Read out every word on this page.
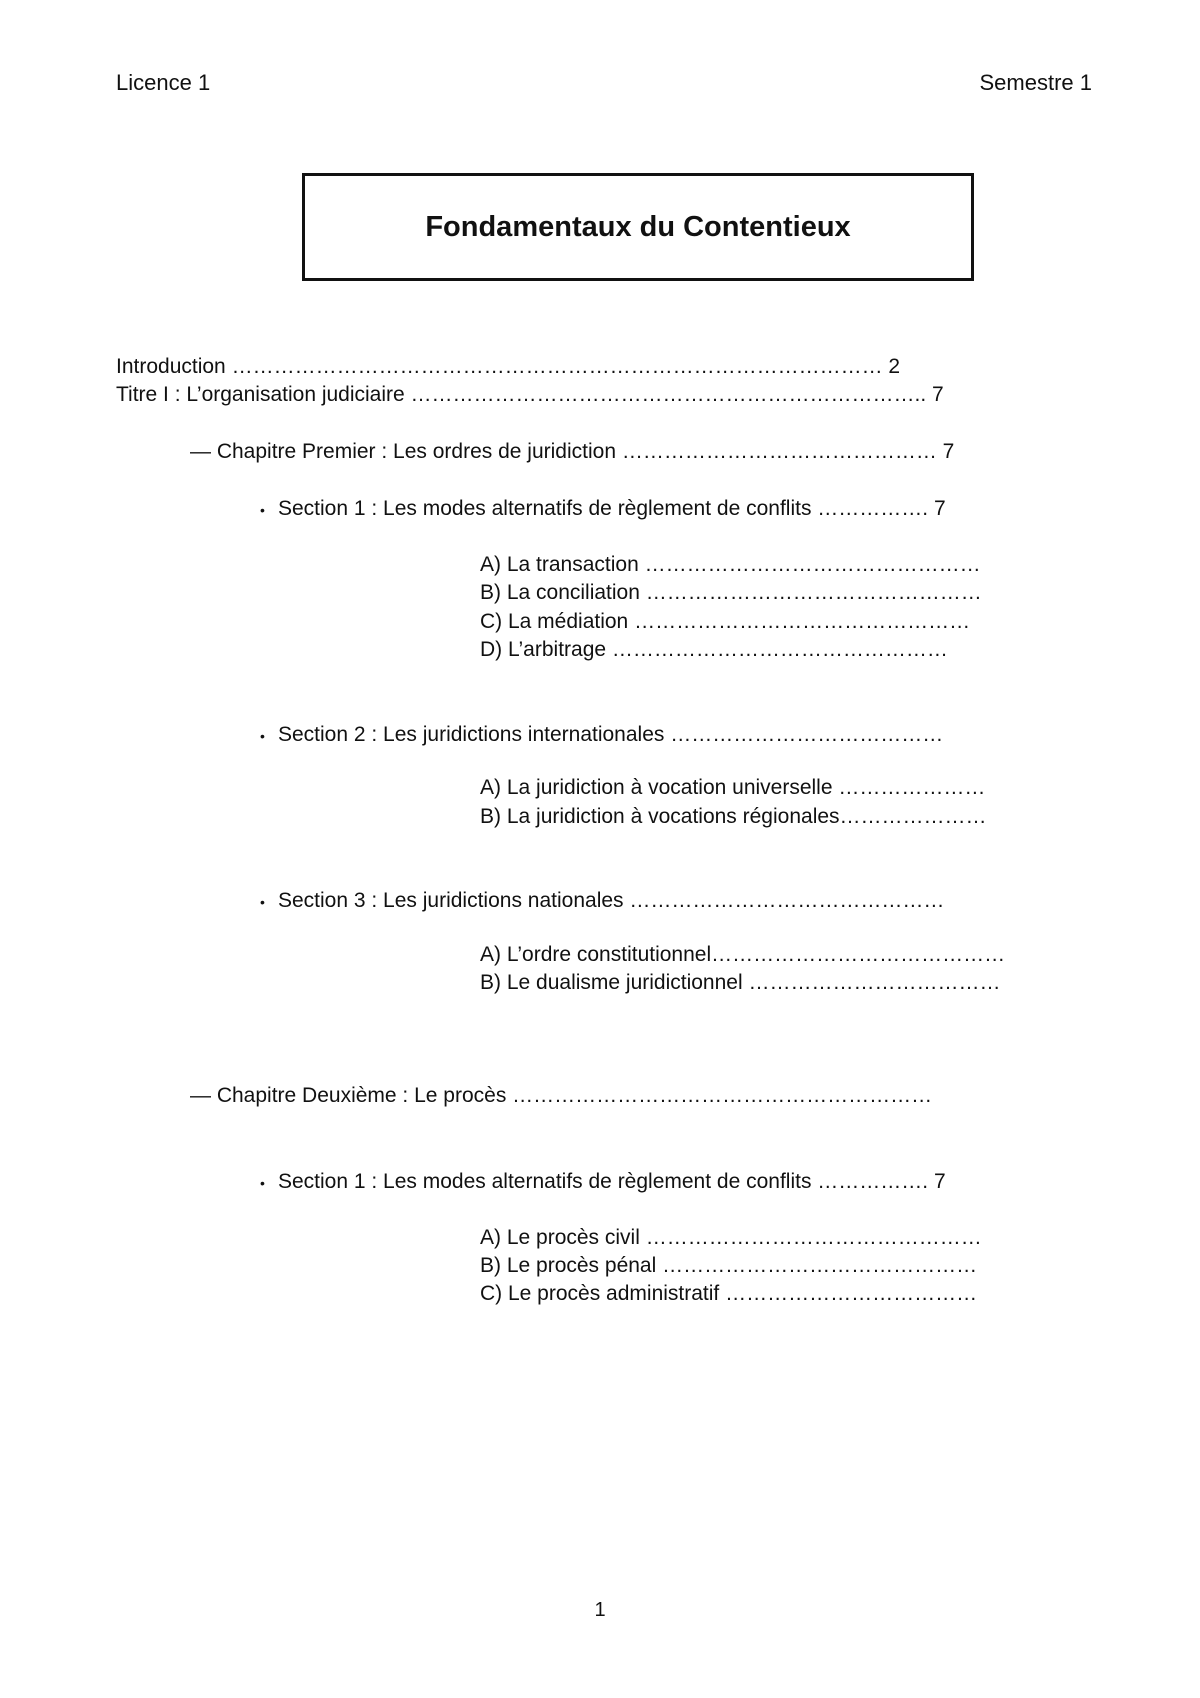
Licence 1	Semestre 1
Fondamentaux du Contentieux
Introduction ………………………………………………………………………………… 2
Titre I : L’organisation judiciaire ……………………………………………………………….. 7
— Chapitre Premier : Les ordres de juridiction ……………………………………… 7
• Section 1 : Les modes alternatifs de règlement de conflits ……………. 7
A) La transaction …………………………………………
B) La conciliation …………………………………………
C) La médiation …………………………………………
D) L’arbitrage …………………………………………
• Section 2 : Les juridictions internationales …………………………………
A) La juridiction à vocation universelle …………………
B) La juridiction à vocations régionales…………………
• Section 3 : Les juridictions nationales ………………………………………
A) L’ordre constitutionnel……………………………………
B) Le dualisme juridictionnel ………………………………
— Chapitre Deuxième : Le procès ……………………………………………………
• Section 1 : Les modes alternatifs de règlement de conflits ……………. 7
A) Le procès civil …………………………………………
B) Le procès pénal ………………………………………
C) Le procès administratif ………………………………
1
